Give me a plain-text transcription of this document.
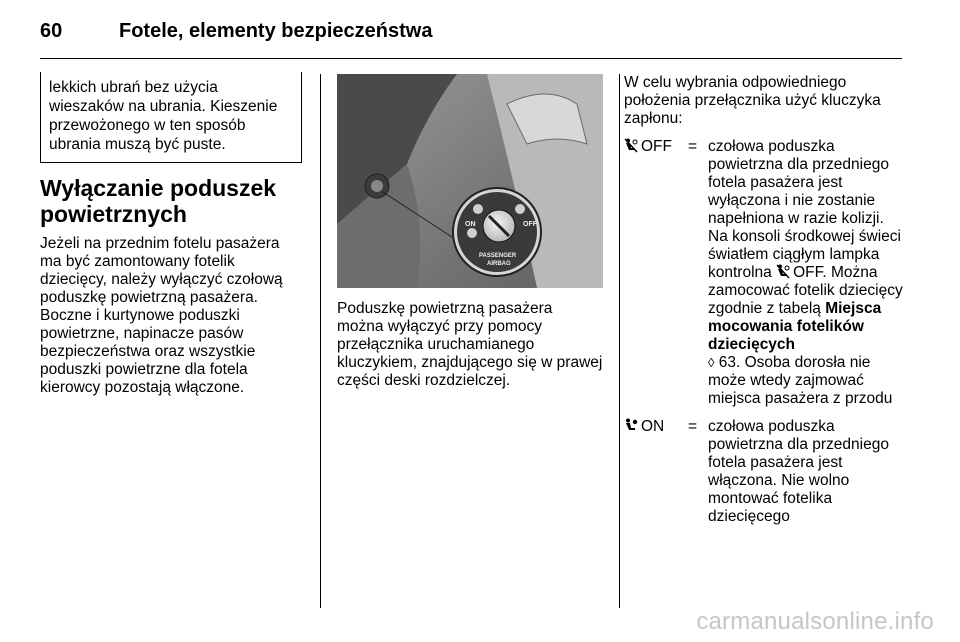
60	Fotele, elementy bezpieczeństwa
lekkich ubrań bez użycia wieszaków na ubrania. Kieszenie przewożonego w ten sposób ubrania muszą być puste.
Wyłączanie poduszek powietrznych
Jeżeli na przednim fotelu pasażera ma być zamontowany fotelik dziecięcy, należy wyłączyć czołową poduszkę powietrzną pasażera. Boczne i kurtynowe poduszki powietrzne, napinacze pasów bezpieczeństwa oraz wszystkie poduszki powietrzne dla fotela kierowcy pozostają włączone.
ON	OFF
PASSENGER
AIRBAG
Poduszkę powietrzną pasażera można wyłączyć przy pomocy przełącznika uruchamianego kluczykiem, znajdującego się w prawej części deski rozdzielczej.
W celu wybrania odpowiedniego położenia przełącznika użyć kluczyka zapłonu:
OFF = czołowa poduszka powietrzna dla przedniego fotela pasażera jest wyłączona i nie zostanie napełniona w razie kolizji. Na konsoli środkowej świeci światłem ciągłym lampka kontrolna OFF. Można zamocować fotelik dziecięcy zgodnie z tabelą Miejsca mocowania fotelików dziecięcych
◊ 63. Osoba dorosła nie może wtedy zajmować miejsca pasażera z przodu
ON = czołowa poduszka powietrzna dla przedniego fotela pasażera jest włączona. Nie wolno montować fotelika dziecięcego
carmanualsonline.info
